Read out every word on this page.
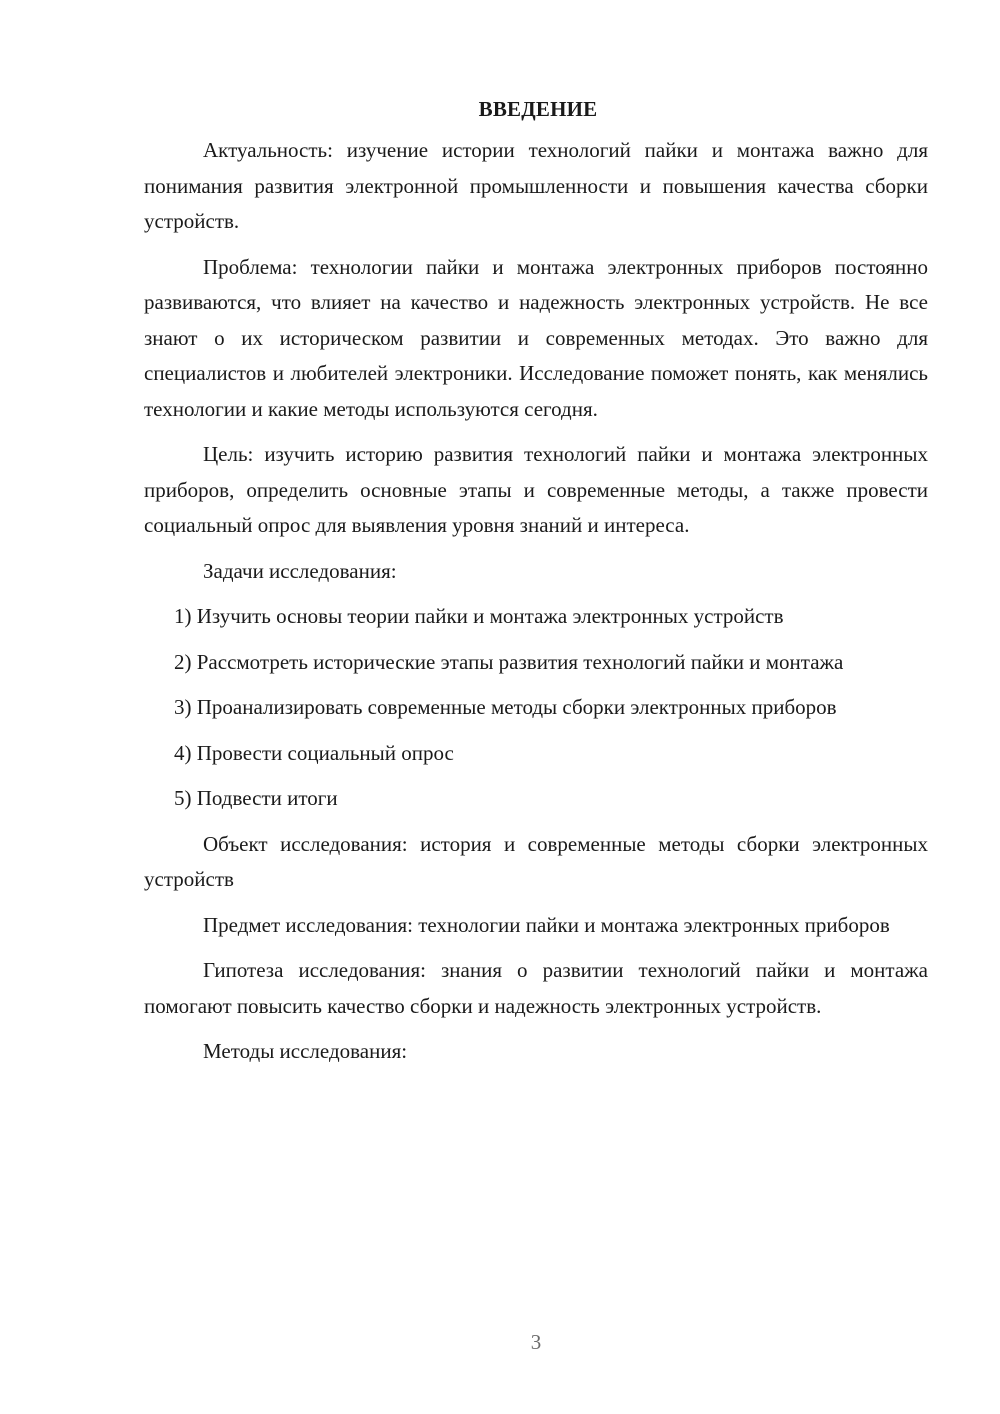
ВВЕДЕНИЕ

Актуальность: изучение истории технологий пайки и монтажа важно для понимания развития электронной промышленности и повышения качества сборки устройств.

Проблема: технологии пайки и монтажа электронных приборов постоянно развиваются, что влияет на качество и надежность электронных устройств. Не все знают о их историческом развитии и современных методах. Это важно для специалистов и любителей электроники. Исследование поможет понять, как менялись технологии и какие методы используются сегодня.

Цель: изучить историю развития технологий пайки и монтажа электронных приборов, определить основные этапы и современные методы, а также провести социальный опрос для выявления уровня знаний и интереса.

Задачи исследования:

1) Изучить основы теории пайки и монтажа электронных устройств

2) Рассмотреть исторические этапы развития технологий пайки и монтажа

3) Проанализировать современные методы сборки электронных приборов

4) Провести социальный опрос

5) Подвести итоги

Объект исследования: история и современные методы сборки электронных устройств

Предмет исследования: технологии пайки и монтажа электронных приборов

Гипотеза исследования: знания о развитии технологий пайки и монтажа помогают повысить качество сборки и надежность электронных устройств.

Методы исследования:

3
